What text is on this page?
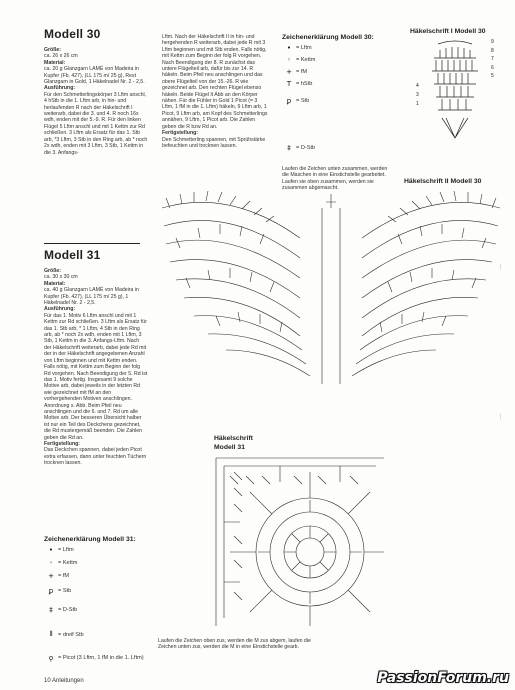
Modell 30
Größe:
ca. 26 x 26 cm
Material:
ca. 20 g Glanzgarn LAMÉ von Madeira in Kupfer (Fb. 427), (LL 175 m/ 25 g), Rest Glanzgarn in Gold, 1 Häkelnadel Nr. 2 - 2,5.
Ausführung:
Für den Schmetterlingskörper 3 Lftm anschl, 4 hStb in die 1. Lftm arb, in hin- und herlaufenden R nach der Häkelschrift I weiterarb, dabei die 3. und 4. R noch 16x wdh, enden mit der 5.-9. R. Für den linken Flügel 5 Lftm anschl und mit 1 Kettm zur Rd schließen. 3 Lftm als Ersatz für das 1. Stb arb, *3 Lftm, 3 Stb in den Ring arb, ab * noch 2x wdh, enden mit 3 Lftm, 3 Stb, 1 Kettm in die 3. Anfangs-
Lftm. Nach der Häkelschrift II in hin- und hergehenden R weiterarb, dabei jede R mit 3 Lftm beginnen und mit Stb enden. Falls nötig, mit Kettm zum Beginn der folg R vorgehen. Nach Beendigung der 8. R zunächst das untere Flügelteil arb, dafür bis zur 14. R häkeln. Beim Pfeil neu anschlingen und das obere Flügelteil von der 15.-26. R wie gezeichnet arb. Den rechten Flügel ebenso häkeln. Beide Flügel lt Abb an den Körper nähen. Für die Fühler in Gold 1 Picot (= 3 Lftm, 1 fM in die 1. Lftm) häkeln, 9 Lftm arb, 1 Picot, 9 Lftm arb, am Kopf des Schmetterlings annähen, 9 Lftm, 1 Picot arb. Die Zahlen geben die R bzw Rd an.
Fertigstellung:
Den Schmetterling spannen, mit Sprühstärke befeuchten und trocknen lassen.
Zeichenerklärung Modell 30:
• = Lftm
◦ = Kettm
+ = fM
T = hStb
ꝑ = Stb
‡ = D-Stb
Laufen die Zeichen unten zusammen, werden die Maschen in eine Einstichstelle gearbeitet. Laufen sie oben zusammen, werden sie zusammen abgemascht.
Häkelschrift I Modell 30
9
8
7
6
5
4
3
1
Häkelschrift II Modell 30
Modell 31
Größe:
ca. 30 x 30 cm
Material:
ca. 40 g Glanzgarn LAMÉ von Madeira in Kupfer (Fb. 427), (LL 175 m/ 25 g), 1 Häkelnadel Nr. 2 - 2,5.
Ausführung:
Für das 1. Motiv 6 Lftm anschl und mit 1 Kettm zur Rd schließen. 3 Lftm als Ersatz für das 1. Stb arb, * 1 Lftm, 4 Stb in den Ring arb, ab * noch 2x wdh, enden mit 1 Lftm, 3 Stb, 1 Kettm in die 3. Anfangs-Lftm. Nach der Häkelschrift weiterarb, dabei jede Rd mit der in der Häkelschrift angegebenen Anzahl von Lftm beginnen und mit Kettm enden. Falls nötig, mit Kettm zum Beginn der folg Rd vorgehen. Nach Beendigung der 5. Rd ist das 1. Motiv fertig. Insgesamt 9 solche Motive arb, dabei jeweils in der letzten Rd wie gezeichnet mit fM an den vorhergehenden Motiven anschlingen. Anordnung s. Abb. Beim Pfeil neu anschlingen und die 6. und 7. Rd um alle Motive arb. Der besseren Übersicht halber ist nur ein Teil des Deckchens gezeichnet, die Rd mustergemäß beenden. Die Zahlen geben die Rd an.
Fertigstellung:
Das Deckchen spannen, dabei jeden Picot extra erfassen, dann unter feuchten Tüchern trocknen lassen.
Zeichenerklärung Modell 31:
• = Lftm
◦ = Kettm
+ = fM
ꝑ = Stb
‡ = D-Stb
⦀ = dreif Stb
ǫ = Picot (3 Lftm, 1 fM in die 1. Lftm)
Häkelschrift Modell 31
Laufen die Zeichen oben zus, werden die M zus abgem, laufen die Zeichen unten zus, werden die M in eine Einstichstelle gearb.
|
|
10 Anleitungen	PassionForum.ru
